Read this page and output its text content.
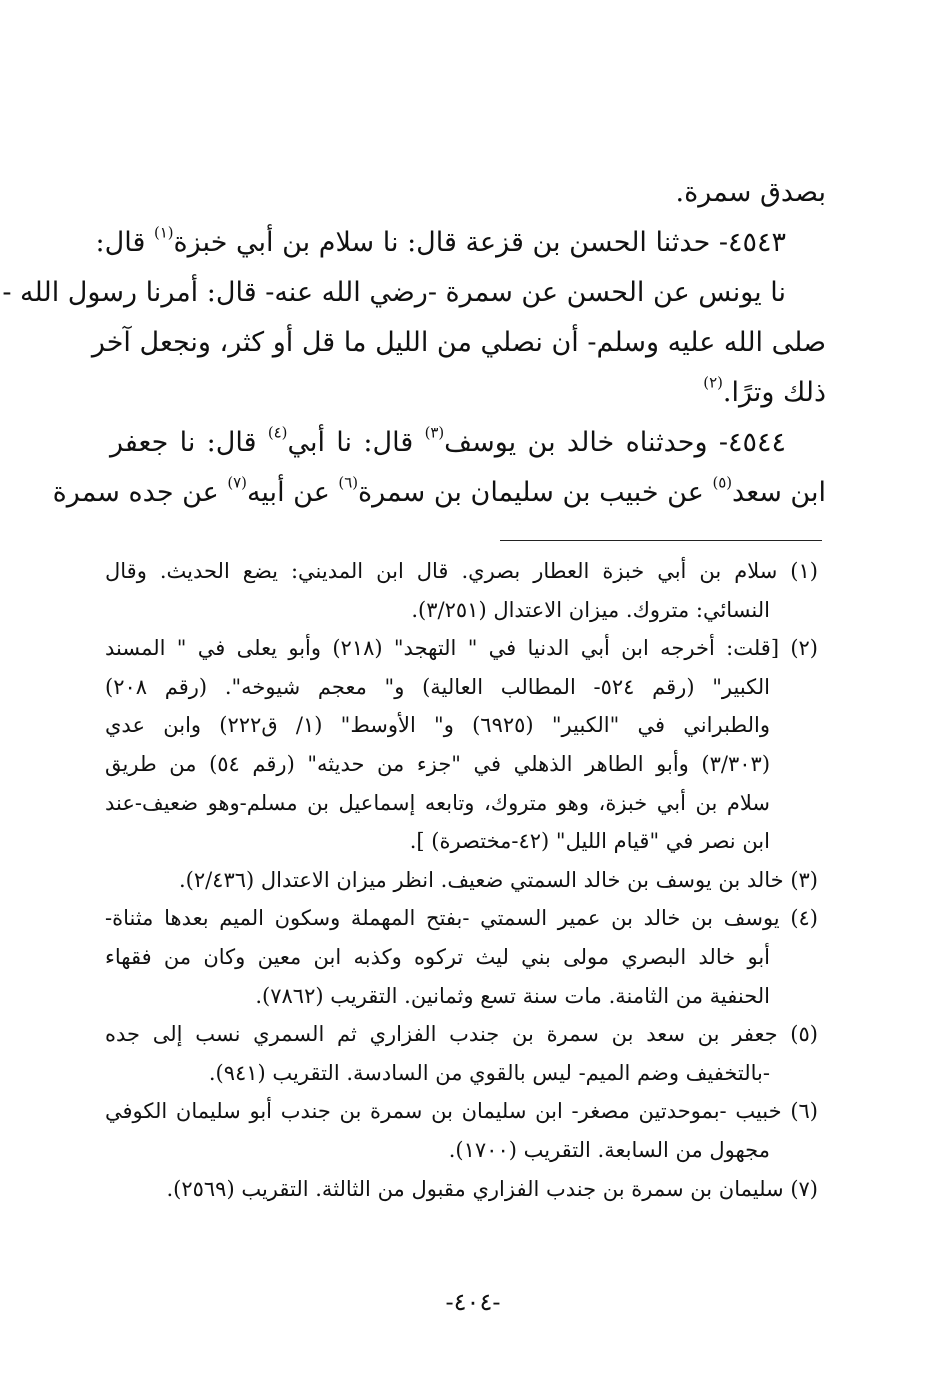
بصدق سمرة.
٤٥٤٣- حدثنا الحسن بن قزعة قال: نا سلام بن أبي خبزة$^{(١)}$ قال:
نا يونس عن الحسن عن سمرة -رضي الله عنه- قال: أمرنا رسول الله -
صلى الله عليه وسلم- أن نصلي من الليل ما قل أو كثر، ونجعل آخر
ذلك وترًا.$^{(٢)}$
٤٥٤٤- وحدثناه خالد بن يوسف$^{(٣)}$ قال: نا أبي$^{(٤)}$ قال: نا جعفر
ابن سعد$^{(٥)}$ عن خبيب بن سليمان بن سمرة$^{(٦)}$ عن أبيه$^{(٧)}$ عن جده سمرة
(١) سلام بن أبي خبزة العطار بصري. قال ابن المديني: يضع الحديث. وقال
النسائي: متروك. ميزان الاعتدال (٣/٢٥١).
(٢) [قلت: أخرجه ابن أبي الدنيا في " التهجد" (٢١٨) وأبو يعلى في " المسند
الكبير" (رقم ٥٢٤- المطالب العالية) و" معجم شيوخه". (رقم ٢٠٨)
والطبراني في "الكبير" (٦٩٢٥) و" الأوسط" (١/ ق٢٢٢) وابن عدي
(٣/٣٠٣) وأبو الطاهر الذهلي في "جزء من حديثه" (رقم ٥٤) من طريق
سلام بن أبي خبزة، وهو متروك، وتابعه إسماعيل بن مسلم-وهو ضعيف-عند
ابن نصر في "قيام الليل" (٤٢-مختصرة) ].
(٣) خالد بن يوسف بن خالد السمتي ضعيف. انظر ميزان الاعتدال (٢/٤٣٦).
(٤) يوسف بن خالد بن عمير السمتي -بفتح المهملة وسكون الميم بعدها مثناة-
أبو خالد البصري مولى بني ليث تركوه وكذبه ابن معين وكان من فقهاء
الحنفية من الثامنة. مات سنة تسع وثمانين. التقريب (٧٨٦٢).
(٥) جعفر بن سعد بن سمرة بن جندب الفزاري ثم السمري نسب إلى جده
-بالتخفيف وضم الميم- ليس بالقوي من السادسة. التقريب (٩٤١).
(٦) خبيب -بموحدتين مصغر- ابن سليمان بن سمرة بن جندب أبو سليمان الكوفي
مجهول من السابعة. التقريب (١٧٠٠).
(٧) سليمان بن سمرة بن جندب الفزاري مقبول من الثالثة. التقريب (٢٥٦٩).
-٤٠٤-
